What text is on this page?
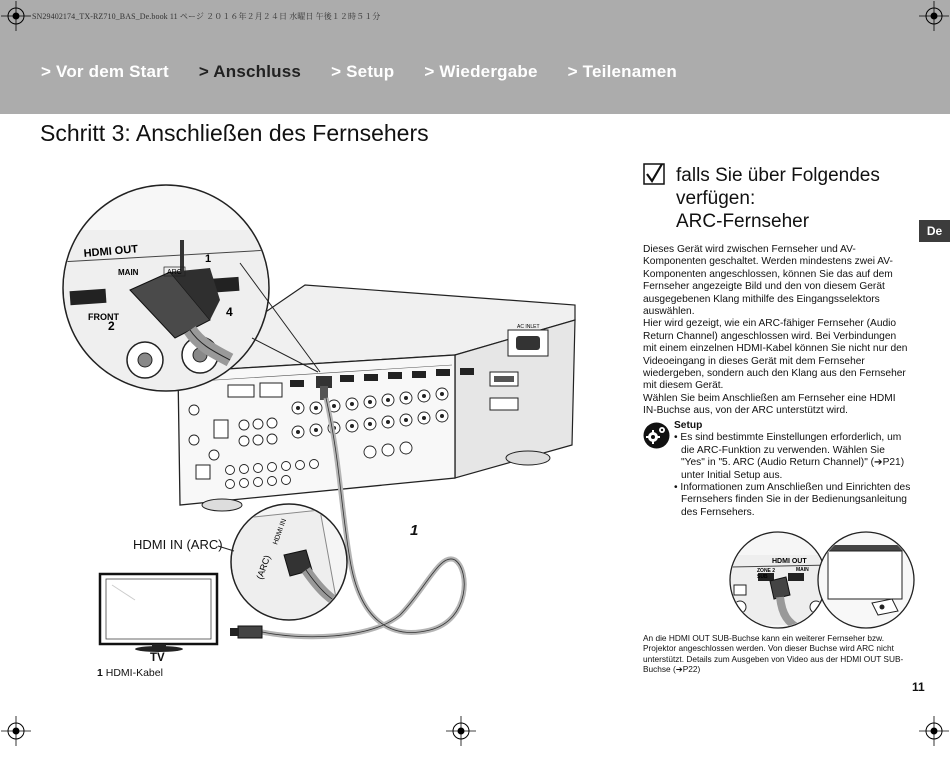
> Vor dem Start > Anschluss > Setup > Wiedergabe > Teilenamen
SN29402174_TX-RZ710_BAS_De.book 11 ページ ２０１６年２月２４日 水曜日 午後１２時５１分
Schritt 3: Anschließen des Fernsehers
De
AC INLET
HDMI OUT
MAIN	ARC
FRONT
2
4
1
HDMI IN
(ARC)
HDMI IN (ARC)
TV
1
1 HDMI-Kabel
falls Sie über Folgendes
verfügen:
ARC-Fernseher

Dieses Gerät wird zwischen Fernseher und AV-Komponenten geschaltet. Werden mindestens zwei AV-Komponenten angeschlossen, können Sie das auf dem Fernseher angezeigte Bild und den von diesem Gerät ausgegebenen Klang mithilfe des Eingangsselektors auswählen.

Hier wird gezeigt, wie ein ARC-fähiger Fernseher (Audio Return Channel) angeschlossen wird. Bei Verbindungen mit einem einzelnen HDMI-Kabel können Sie nicht nur den Videoeingang in dieses Gerät mit dem Fernseher wiedergeben, sondern auch den Klang aus den Fernseher mit diesem Gerät.

Wählen Sie beim Anschließen am Fernseher eine HDMI IN-Buchse aus, von der ARC unterstützt wird.

Setup
• Es sind bestimmte Einstellungen erforderlich, um die ARC-Funktion zu verwenden. Wählen Sie "Yes" in "5. ARC (Audio Return Channel)" (➔P21) unter Initial Setup aus.
• Informationen zum Anschließen und Einrichten des Fernsehers finden Sie in der Bedienungsanleitung des Fernsehers.
HDMI OUT
ZONE 2
SUB
MAIN
An die HDMI OUT SUB-Buchse kann ein weiterer Fernseher bzw. Projektor angeschlossen werden. Von dieser Buchse wird ARC nicht unterstützt. Details zum Ausgeben von Video aus der HDMI OUT SUB-Buchse (➔P22)
11
